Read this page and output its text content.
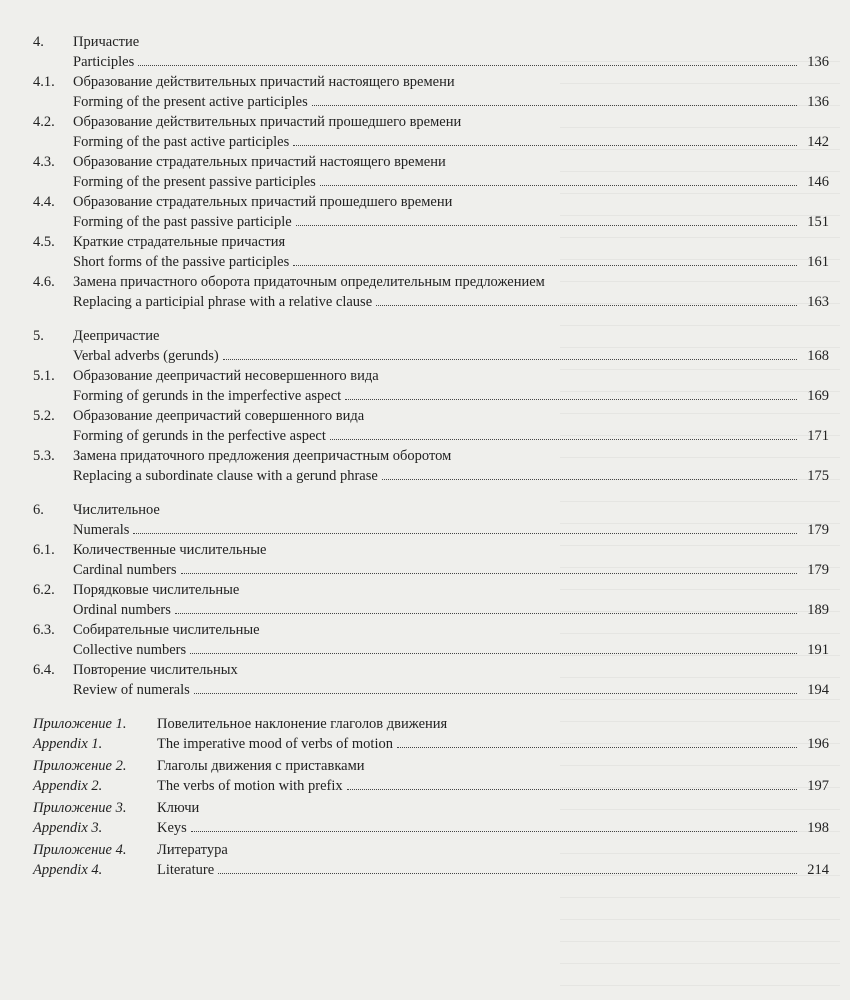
4.	Причастие
Participles	136
4.1.	Образование действительных причастий настоящего времени
Forming of the present active participles	136
4.2.	Образование действительных причастий прошедшего времени
Forming of the past active participles	142
4.3.	Образование страдательных причастий настоящего времени
Forming of the present passive participles	146
4.4.	Образование страдательных причастий прошедшего времени
Forming of the past passive participle	151
4.5.	Краткие страдательные причастия
Short forms of the passive participles	161
4.6.	Замена причастного оборота придаточным определительным предложением
Replacing a participial phrase with a relative clause	163
5.	Деепричастие
Verbal adverbs (gerunds)	168
5.1.	Образование деепричастий несовершенного вида
Forming of gerunds in the imperfective aspect	169
5.2.	Образование деепричастий совершенного вида
Forming of gerunds in the perfective aspect	171
5.3.	Замена придаточного предложения деепричастным оборотом
Replacing a subordinate clause with a gerund phrase	175
6.	Числительное
Numerals	179
6.1.	Количественные числительные
Cardinal numbers	179
6.2.	Порядковые числительные
Ordinal numbers	189
6.3.	Собирательные числительные
Collective numbers	191
6.4.	Повторение числительных
Review of numerals	194
Приложение 1.	Повелительное наклонение глаголов движения
Appendix 1.	The imperative mood of verbs of motion	196
Приложение 2.	Глаголы движения с приставками
Appendix 2.	The verbs of motion with prefix	197
Приложение 3.	Ключи
Appendix 3.	Keys	198
Приложение 4.	Литература
Appendix 4.	Literature	214
